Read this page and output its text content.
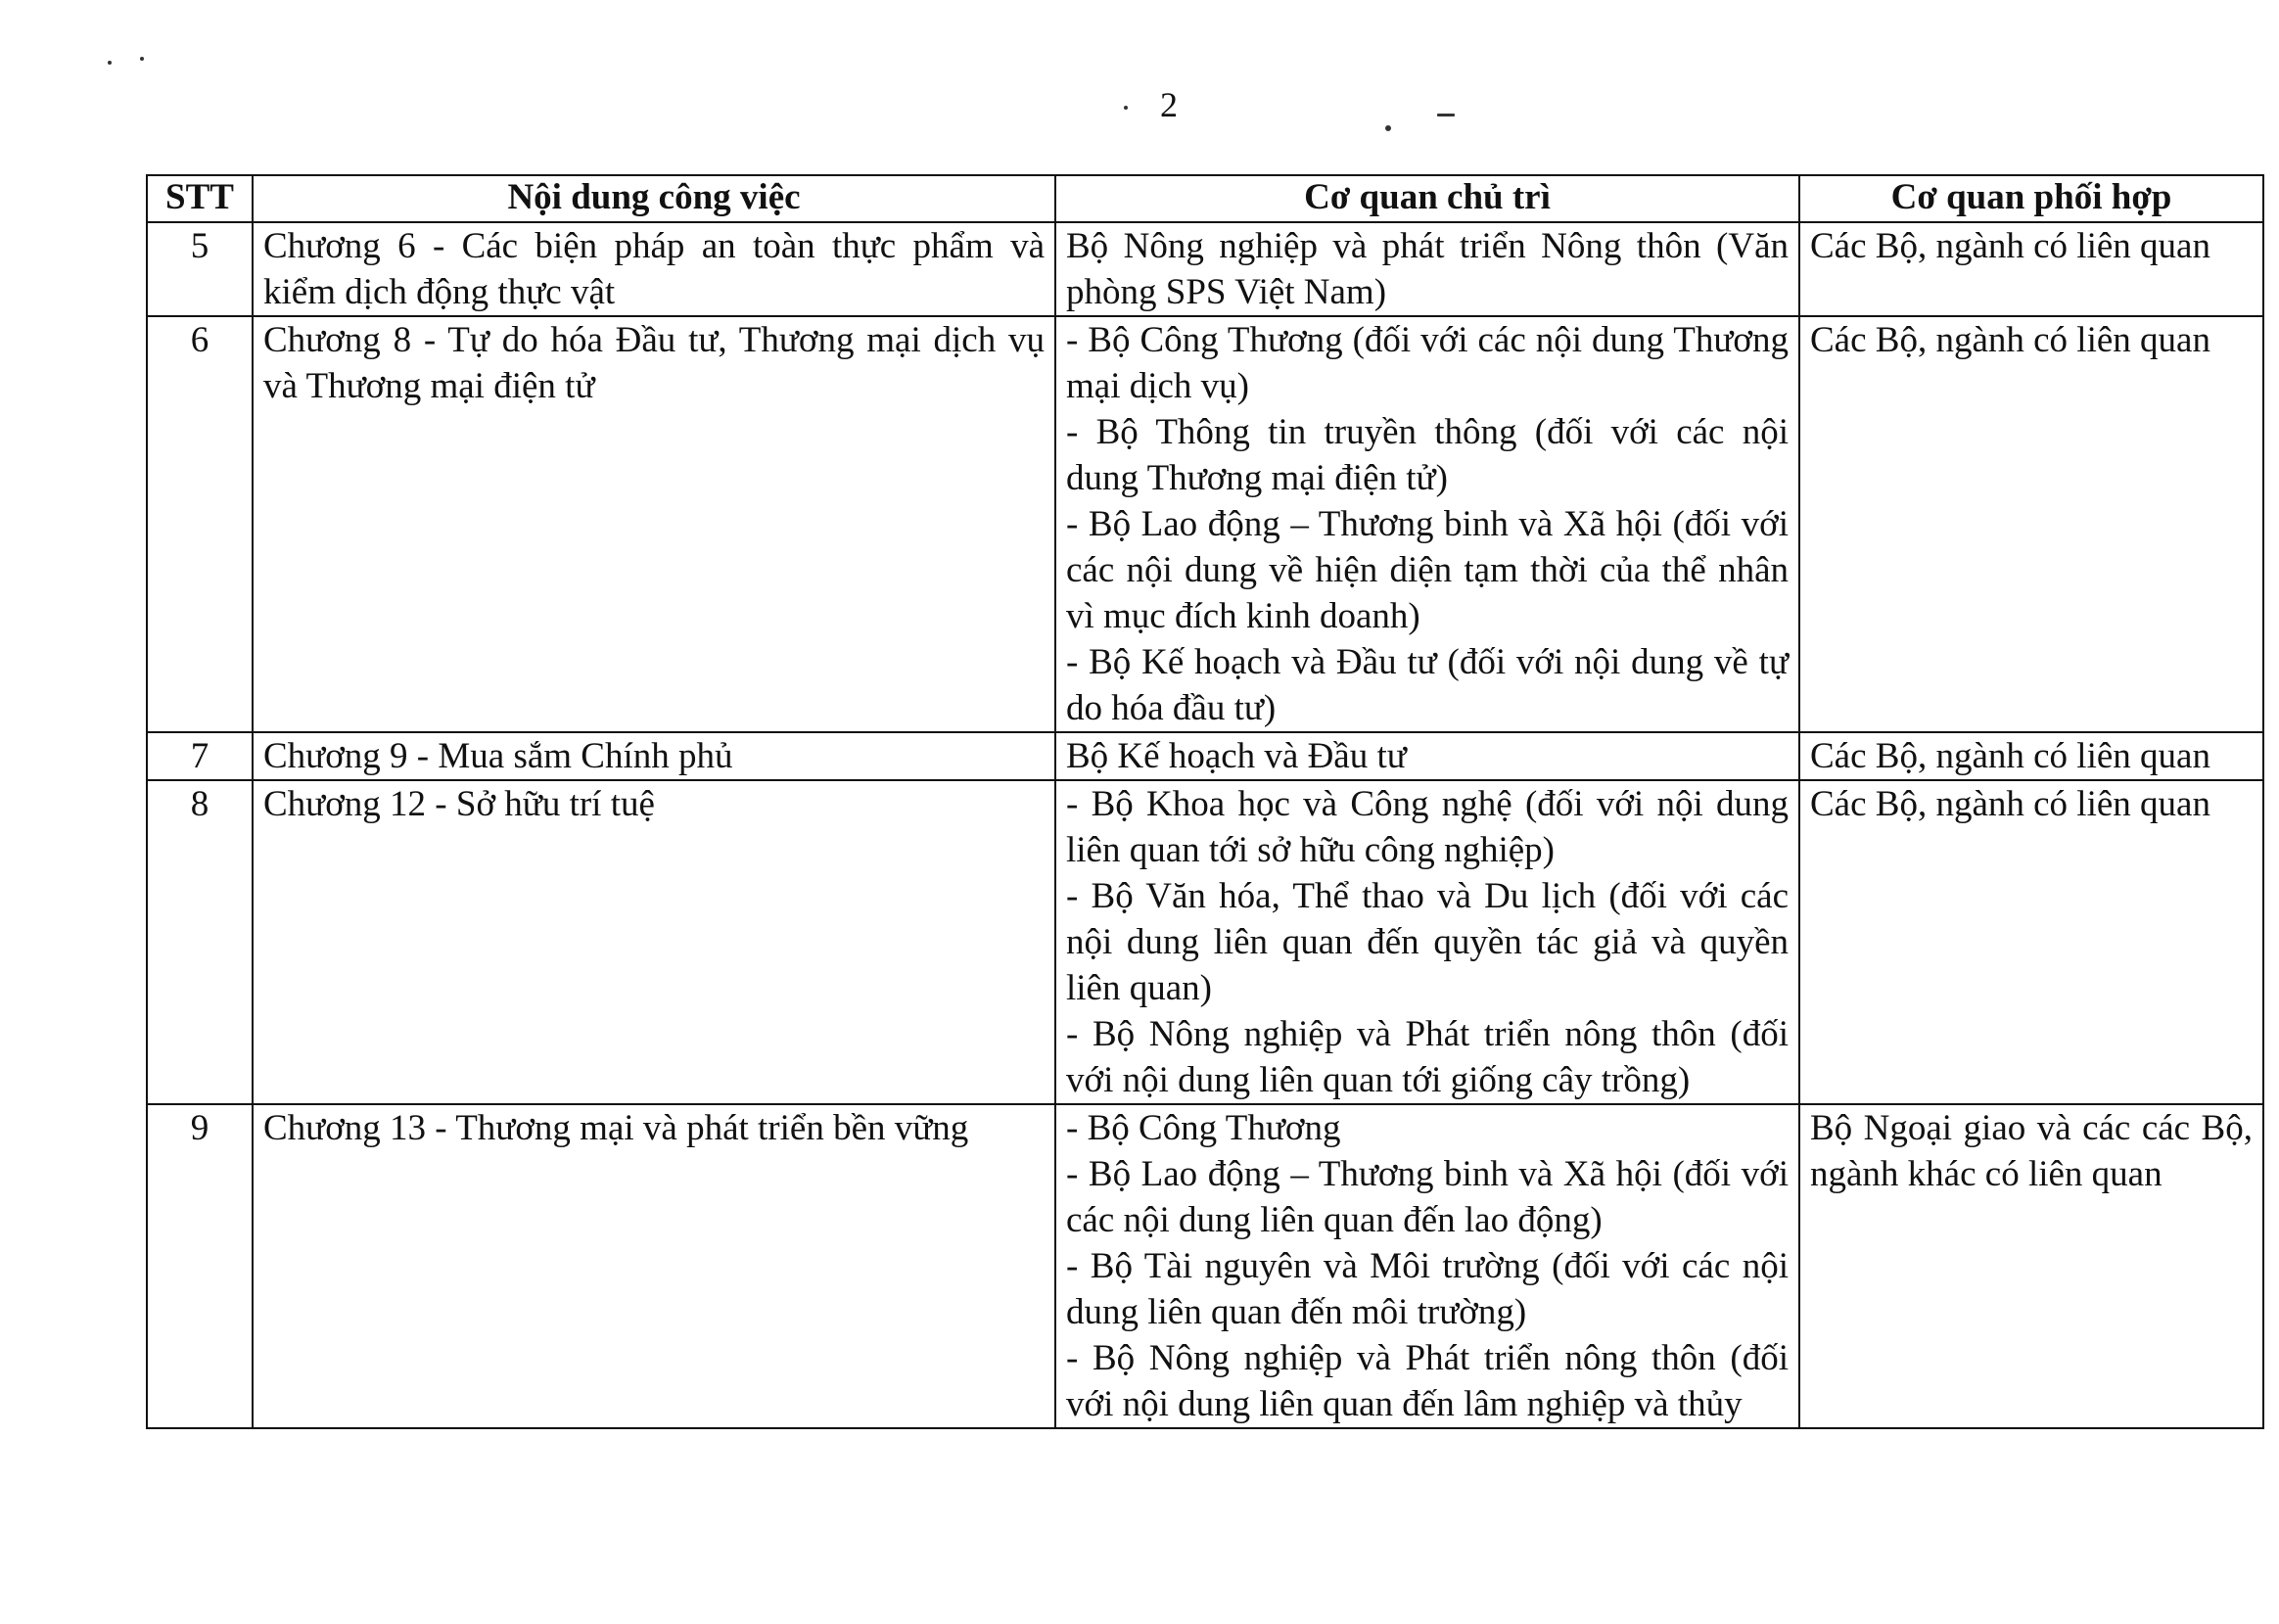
2
STT	Nội dung công việc	Cơ quan chủ trì	Cơ quan phối hợp
5	Chương 6 - Các biện pháp an toàn thực phẩm và kiểm dịch động thực vật	Bộ Nông nghiệp và phát triển Nông thôn (Văn phòng SPS Việt Nam)	Các Bộ, ngành có liên quan
6	Chương 8 - Tự do hóa Đầu tư, Thương mại dịch vụ và Thương mại điện tử	- Bộ Công Thương (đối với các nội dung Thương mại dịch vụ)
- Bộ Thông tin truyền thông (đối với các nội dung Thương mại điện tử)
- Bộ Lao động – Thương binh và Xã hội (đối với các nội dung về hiện diện tạm thời của thể nhân vì mục đích kinh doanh)
- Bộ Kế hoạch và Đầu tư (đối với nội dung về tự do hóa đầu tư)	Các Bộ, ngành có liên quan
7	Chương 9 - Mua sắm Chính phủ	Bộ Kế hoạch và Đầu tư	Các Bộ, ngành có liên quan
8	Chương 12 - Sở hữu trí tuệ	- Bộ Khoa học và Công nghệ (đối với nội dung liên quan tới sở hữu công nghiệp)
- Bộ Văn hóa, Thể thao và Du lịch (đối với các nội dung liên quan đến quyền tác giả và quyền liên quan)
- Bộ Nông nghiệp và Phát triển nông thôn (đối với nội dung liên quan tới giống cây trồng)	Các Bộ, ngành có liên quan
9	Chương 13 - Thương mại và phát triển bền vững	- Bộ Công Thương
- Bộ Lao động – Thương binh và Xã hội (đối với các nội dung liên quan đến lao động)
- Bộ Tài nguyên và Môi trường (đối với các nội dung liên quan đến môi trường)
- Bộ Nông nghiệp và Phát triển nông thôn (đối với nội dung liên quan đến lâm nghiệp và thủy	Bộ Ngoại giao và các các Bộ, ngành khác có liên quan
